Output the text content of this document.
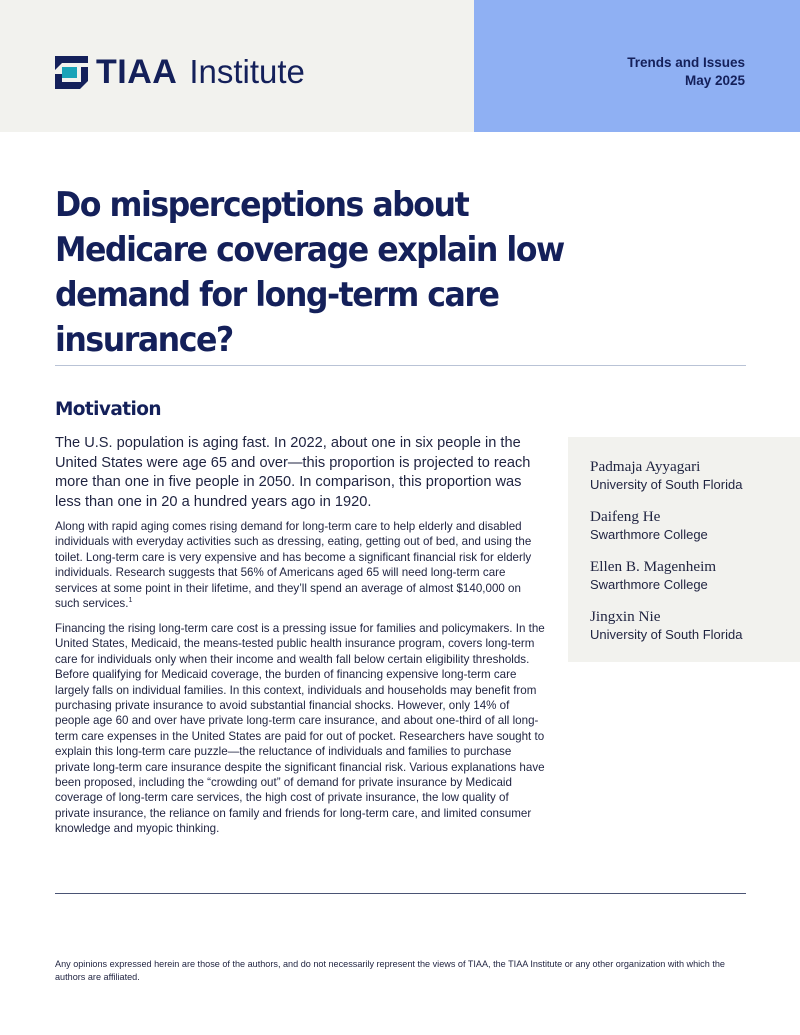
TIAA Institute	Trends and Issues
May 2025
Do misperceptions about Medicare coverage explain low demand for long-term care insurance?
Motivation

The U.S. population is aging fast. In 2022, about one in six people in the United States were age 65 and over—this proportion is projected to reach more than one in five people in 2050. In comparison, this proportion was less than one in 20 a hundred years ago in 1920.

Along with rapid aging comes rising demand for long-term care to help elderly and disabled individuals with everyday activities such as dressing, eating, getting out of bed, and using the toilet. Long-term care is very expensive and has become a significant financial risk for elderly individuals. Research suggests that 56% of Americans aged 65 will need long-term care services at some point in their lifetime, and they’ll spend an average of almost $140,000 on such services.$^1$

Financing the rising long-term care cost is a pressing issue for families and policymakers. In the United States, Medicaid, the means-tested public health insurance program, covers long-term care for individuals only when their income and wealth fall below certain eligibility thresholds. Before qualifying for Medicaid coverage, the burden of financing expensive long-term care largely falls on individual families. In this context, individuals and households may benefit from purchasing private insurance to avoid substantial financial shocks. However, only 14% of people age 60 and over have private long-term care insurance, and about one-third of all long-term care expenses in the United States are paid for out of pocket. Researchers have sought to explain this long-term care puzzle—the reluctance of individuals and families to purchase private long-term care insurance despite the significant financial risk. Various explanations have been proposed, including the “crowding out” of demand for private insurance by Medicaid coverage of long-term care services, the high cost of private insurance, the low quality of private insurance, the reliance on family and friends for long-term care, and limited consumer knowledge and myopic thinking.

Padmaja Ayyagari
University of South Florida
Daifeng He
Swarthmore College
Ellen B. Magenheim
Swarthmore College
Jingxin Nie
University of South Florida

Any opinions expressed herein are those of the authors, and do not necessarily represent the views of TIAA, the TIAA Institute or any other organization with which the authors are affiliated.
